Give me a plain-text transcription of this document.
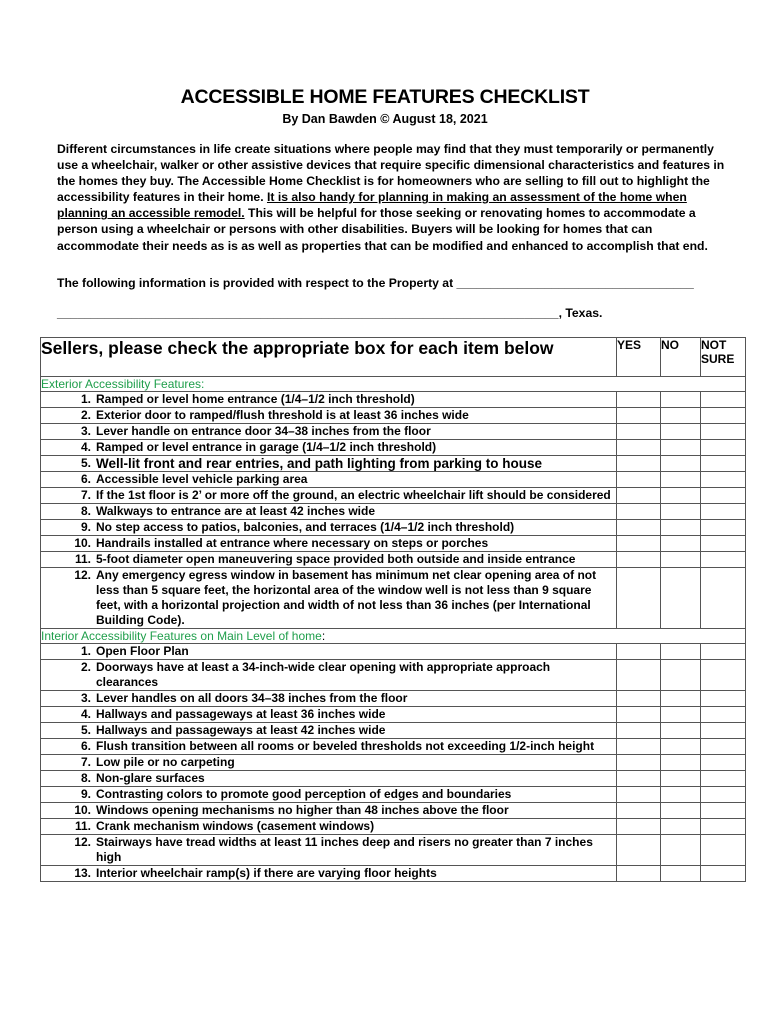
ACCESSIBLE HOME FEATURES CHECKLIST
By Dan Bawden © August 18, 2021
Different circumstances in life create situations where people may find that they must temporarily or permanently use a wheelchair, walker or other assistive devices that require specific dimensional characteristics and features in the homes they buy. The Accessible Home Checklist is for homeowners who are selling to fill out to highlight the accessibility features in their home. It is also handy for planning in making an assessment of the home when planning an accessible remodel. This will be helpful for those seeking or renovating homes to accommodate a person using a wheelchair or persons with other disabilities. Buyers will be looking for homes that can accommodate their needs as is as well as properties that can be modified and enhanced to accomplish that end.
The following information is provided with respect to the Property at ___________________________________
__________________________________________________________________________, Texas.
Sellers, please check the appropriate box for each item below	YES	NO	NOT
SURE
Exterior Accessibility Features:			
1. Ramped or level home entrance (1/4–1/2 inch threshold)			
2. Exterior door to ramped/flush threshold is at least 36 inches wide			
3. Lever handle on entrance door 34–38 inches from the floor			
4. Ramped or level entrance in garage (1/4–1/2 inch threshold)			
5. Well-lit front and rear entries, and path lighting from parking to house			
6. Accessible level vehicle parking area			
7. If the 1st floor is 2’ or more off the ground, an electric wheelchair lift should be considered			
8. Walkways to entrance are at least 42 inches wide			
9. No step access to patios, balconies, and terraces (1/4–1/2 inch threshold)			
10. Handrails installed at entrance where necessary on steps or porches			
11. 5-foot diameter open maneuvering space provided both outside and inside entrance			
12. Any emergency egress window in basement has minimum net clear opening area of not less than 5 square feet, the horizontal area of the window well is not less than 9 square feet, with a horizontal projection and width of not less than 36 inches (per International Building Code).			
Interior Accessibility Features on Main Level of home:			
1. Open Floor Plan			
2. Doorways have at least a 34-inch-wide clear opening with appropriate approach clearances			
3. Lever handles on all doors 34–38 inches from the floor			
4. Hallways and passageways at least 36 inches wide			
5. Hallways and passageways at least 42 inches wide			
6. Flush transition between all rooms or beveled thresholds not exceeding 1/2-inch height			
7. Low pile or no carpeting			
8. Non-glare surfaces			
9. Contrasting colors to promote good perception of edges and boundaries			
10. Windows opening mechanisms no higher than 48 inches above the floor			
11. Crank mechanism windows (casement windows)			
12. Stairways have tread widths at least 11 inches deep and risers no greater than 7 inches high			
13. Interior wheelchair ramp(s) if there are varying floor heights			
